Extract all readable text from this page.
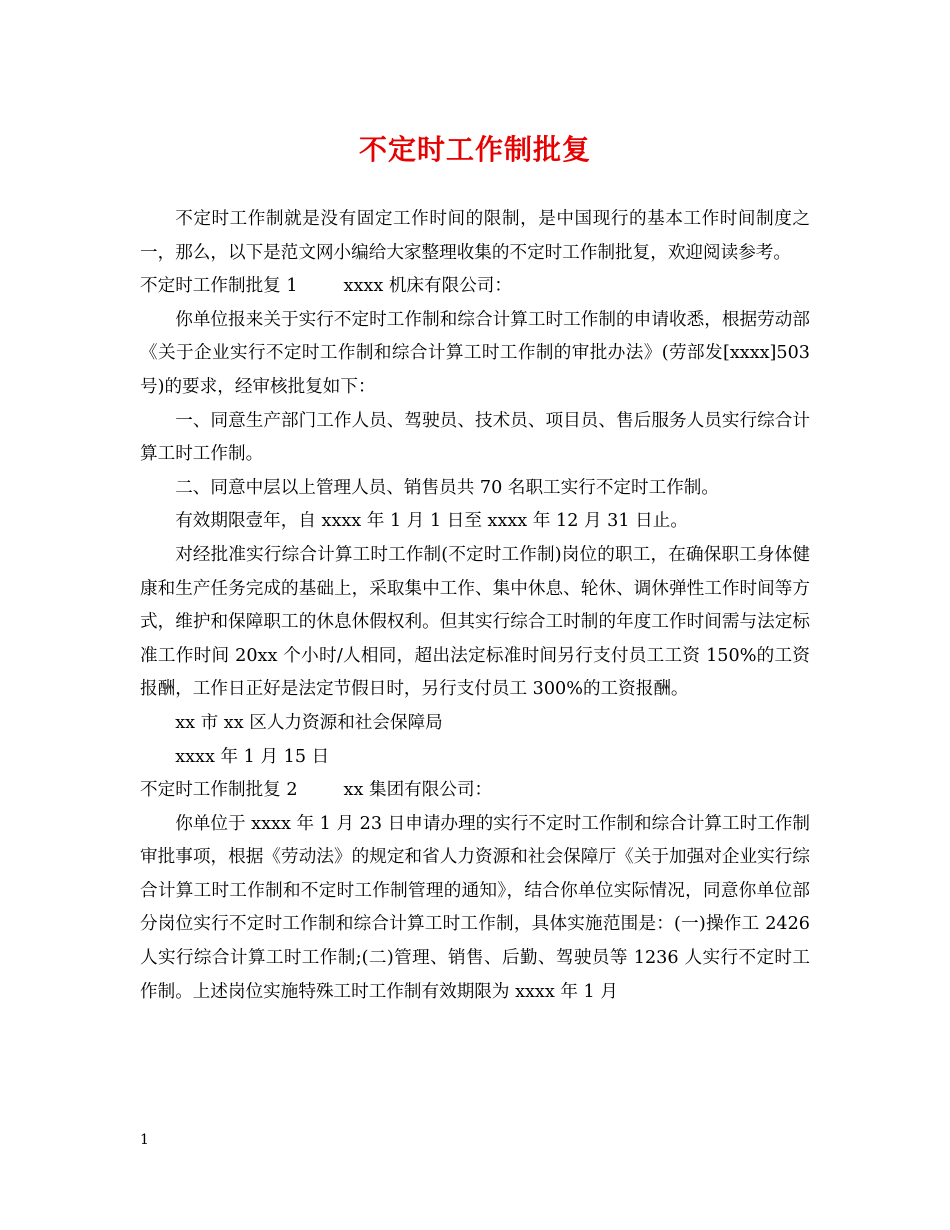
不定时工作制批复

不定时工作制就是没有固定工作时间的限制，是中国现行的基本工作时间制度之一，那么，以下是范文网小编给大家整理收集的不定时工作制批复，欢迎阅读参考。

不定时工作制批复 1	xxxx 机床有限公司：

你单位报来关于实行不定时工作制和综合计算工时工作制的申请收悉，根据劳动部《关于企业实行不定时工作制和综合计算工时工作制的审批办法》(劳部发[xxxx]503 号)的要求，经审核批复如下：

一、同意生产部门工作人员、驾驶员、技术员、项目员、售后服务人员实行综合计算工时工作制。

二、同意中层以上管理人员、销售员共 70 名职工实行不定时工作制。

有效期限壹年，自 xxxx 年 1 月 1 日至 xxxx 年 12 月 31 日止。

对经批准实行综合计算工时工作制(不定时工作制)岗位的职工，在确保职工身体健康和生产任务完成的基础上，采取集中工作、集中休息、轮休、调休弹性工作时间等方式，维护和保障职工的休息休假权利。但其实行综合工时制的年度工作时间需与法定标准工作时间 20xx 个小时/人相同，超出法定标准时间另行支付员工工资 150%的工资报酬，工作日正好是法定节假日时，另行支付员工 300%的工资报酬。

xx 市 xx 区人力资源和社会保障局

xxxx 年 1 月 15 日

不定时工作制批复 2	xx 集团有限公司：

你单位于 xxxx 年 1 月 23 日申请办理的实行不定时工作制和综合计算工时工作制审批事项，根据《劳动法》的规定和省人力资源和社会保障厅《关于加强对企业实行综合计算工时工作制和不定时工作制管理的通知》，结合你单位实际情况，同意你单位部分岗位实行不定时工作制和综合计算工时工作制，具体实施范围是：(一)操作工 2426 人实行综合计算工时工作制;(二)管理、销售、后勤、驾驶员等 1236 人实行不定时工作制。上述岗位实施特殊工时工作制有效期限为 xxxx 年 1 月

1
